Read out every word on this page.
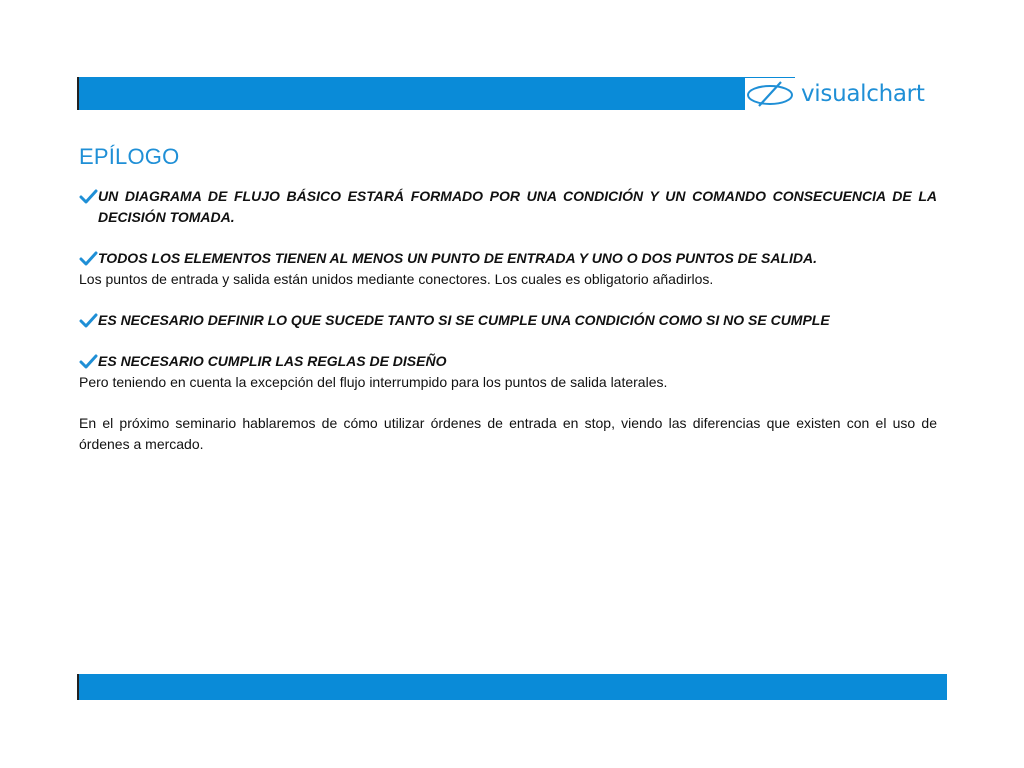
visualchart
EPÍLOGO
UN DIAGRAMA DE FLUJO BÁSICO ESTARÁ FORMADO POR UNA CONDICIÓN Y UN COMANDO CONSECUENCIA DE LA DECISIÓN TOMADA.
TODOS LOS ELEMENTOS TIENEN AL MENOS UN PUNTO DE ENTRADA Y UNO O DOS PUNTOS DE SALIDA.

Los puntos de entrada y salida están unidos mediante conectores. Los cuales es obligatorio añadirlos.

ES NECESARIO DEFINIR LO QUE SUCEDE TANTO SI SE CUMPLE UNA CONDICIÓN COMO SI NO SE CUMPLE
ES NECESARIO CUMPLIR LAS REGLAS DE DISEÑO

Pero teniendo en cuenta la excepción del flujo interrumpido para los puntos de salida laterales.

En el próximo seminario hablaremos de cómo utilizar órdenes de entrada en stop, viendo las diferencias que existen con el uso de órdenes a mercado.
